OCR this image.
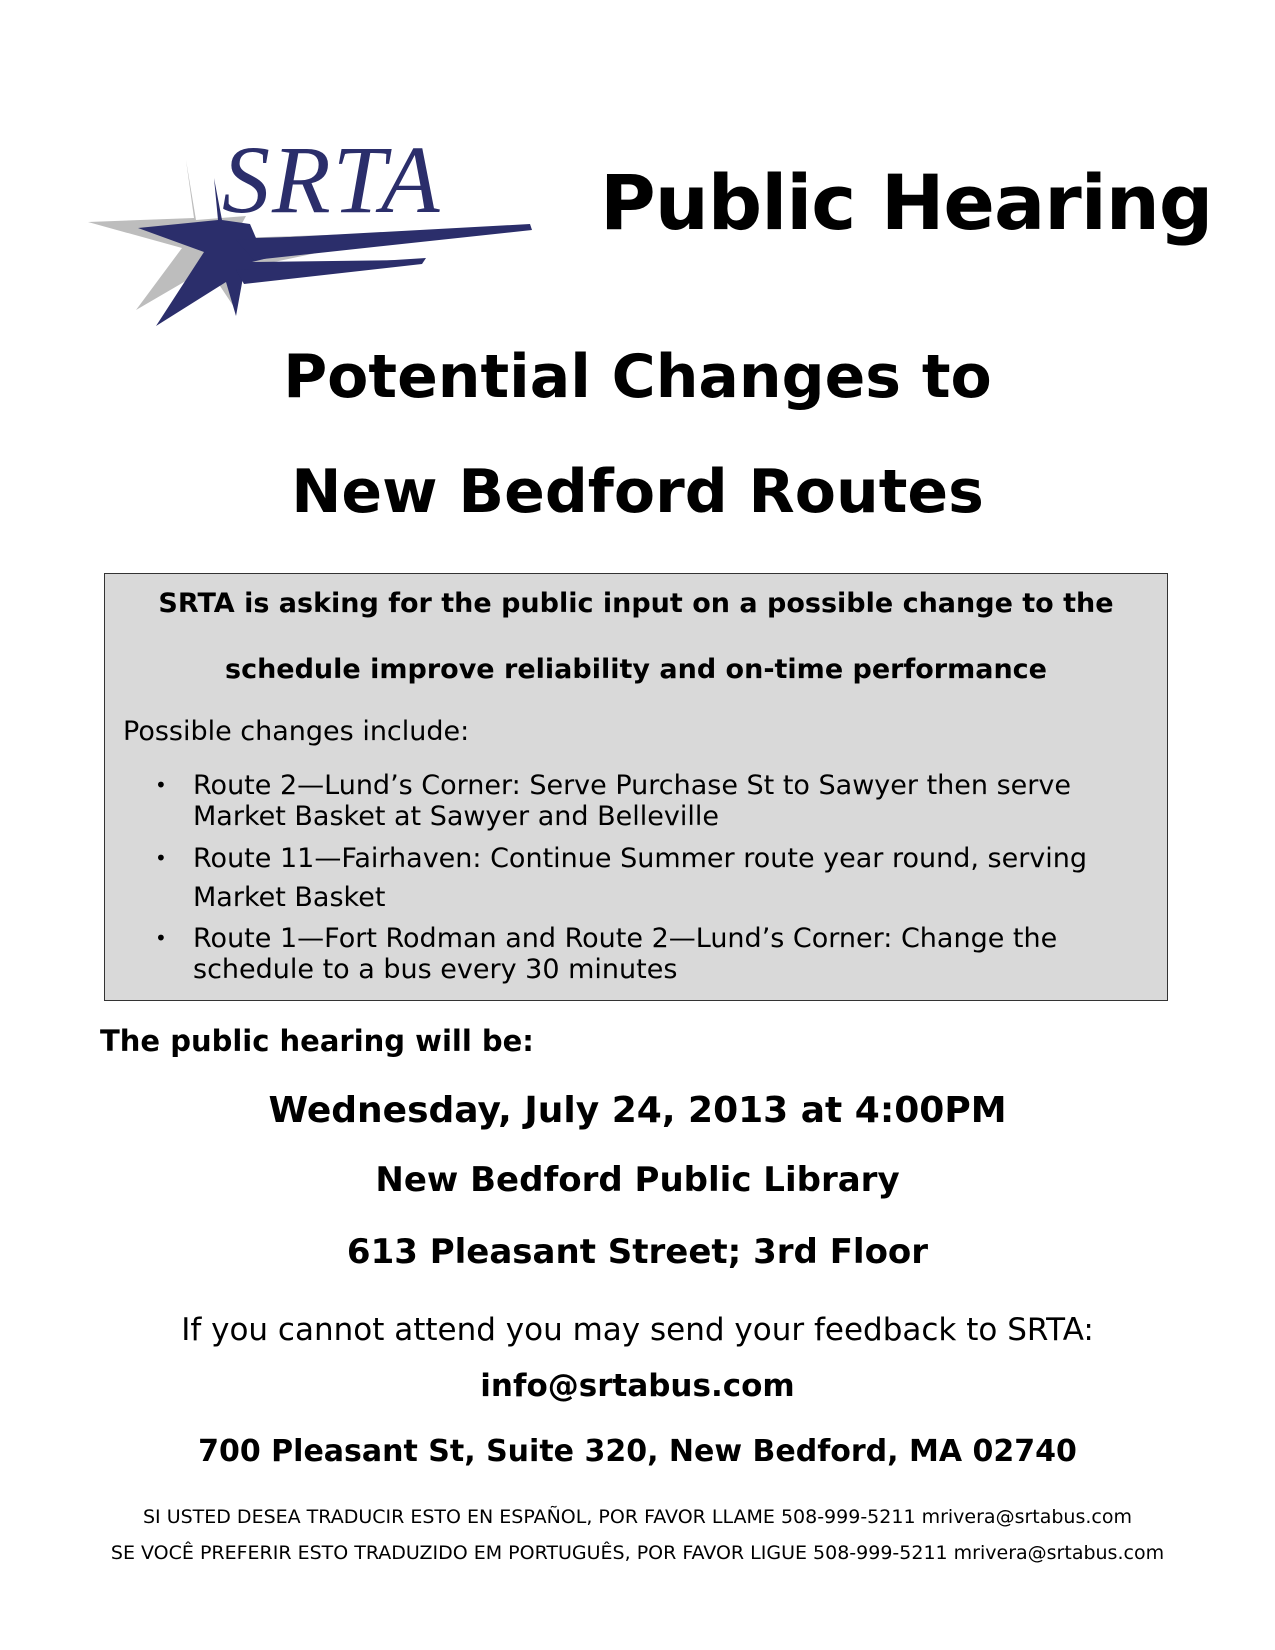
SRTA Public Hearing
Potential Changes to
New Bedford Routes
SRTA is asking for the public input on a possible change to the
schedule improve reliability and on-time performance
Possible changes include:
• Route 2—Lund’s Corner: Serve Purchase St to Sawyer then serve
Market Basket at Sawyer and Belleville
• Route 11—Fairhaven: Continue Summer route year round, serving
Market Basket
• Route 1—Fort Rodman and Route 2—Lund’s Corner: Change the
schedule to a bus every 30 minutes
The public hearing will be:
Wednesday, July 24, 2013 at 4:00PM
New Bedford Public Library
613 Pleasant Street; 3rd Floor
If you cannot attend you may send your feedback to SRTA:
info@srtabus.com
700 Pleasant St, Suite 320, New Bedford, MA 02740
SI USTED DESEA TRADUCIR ESTO EN ESPAÑOL, POR FAVOR LLAME 508-999-5211 mrivera@srtabus.com
SE VOCÊ PREFERIR ESTO TRADUZIDO EM PORTUGUÊS, POR FAVOR LIGUE 508-999-5211 mrivera@srtabus.com
